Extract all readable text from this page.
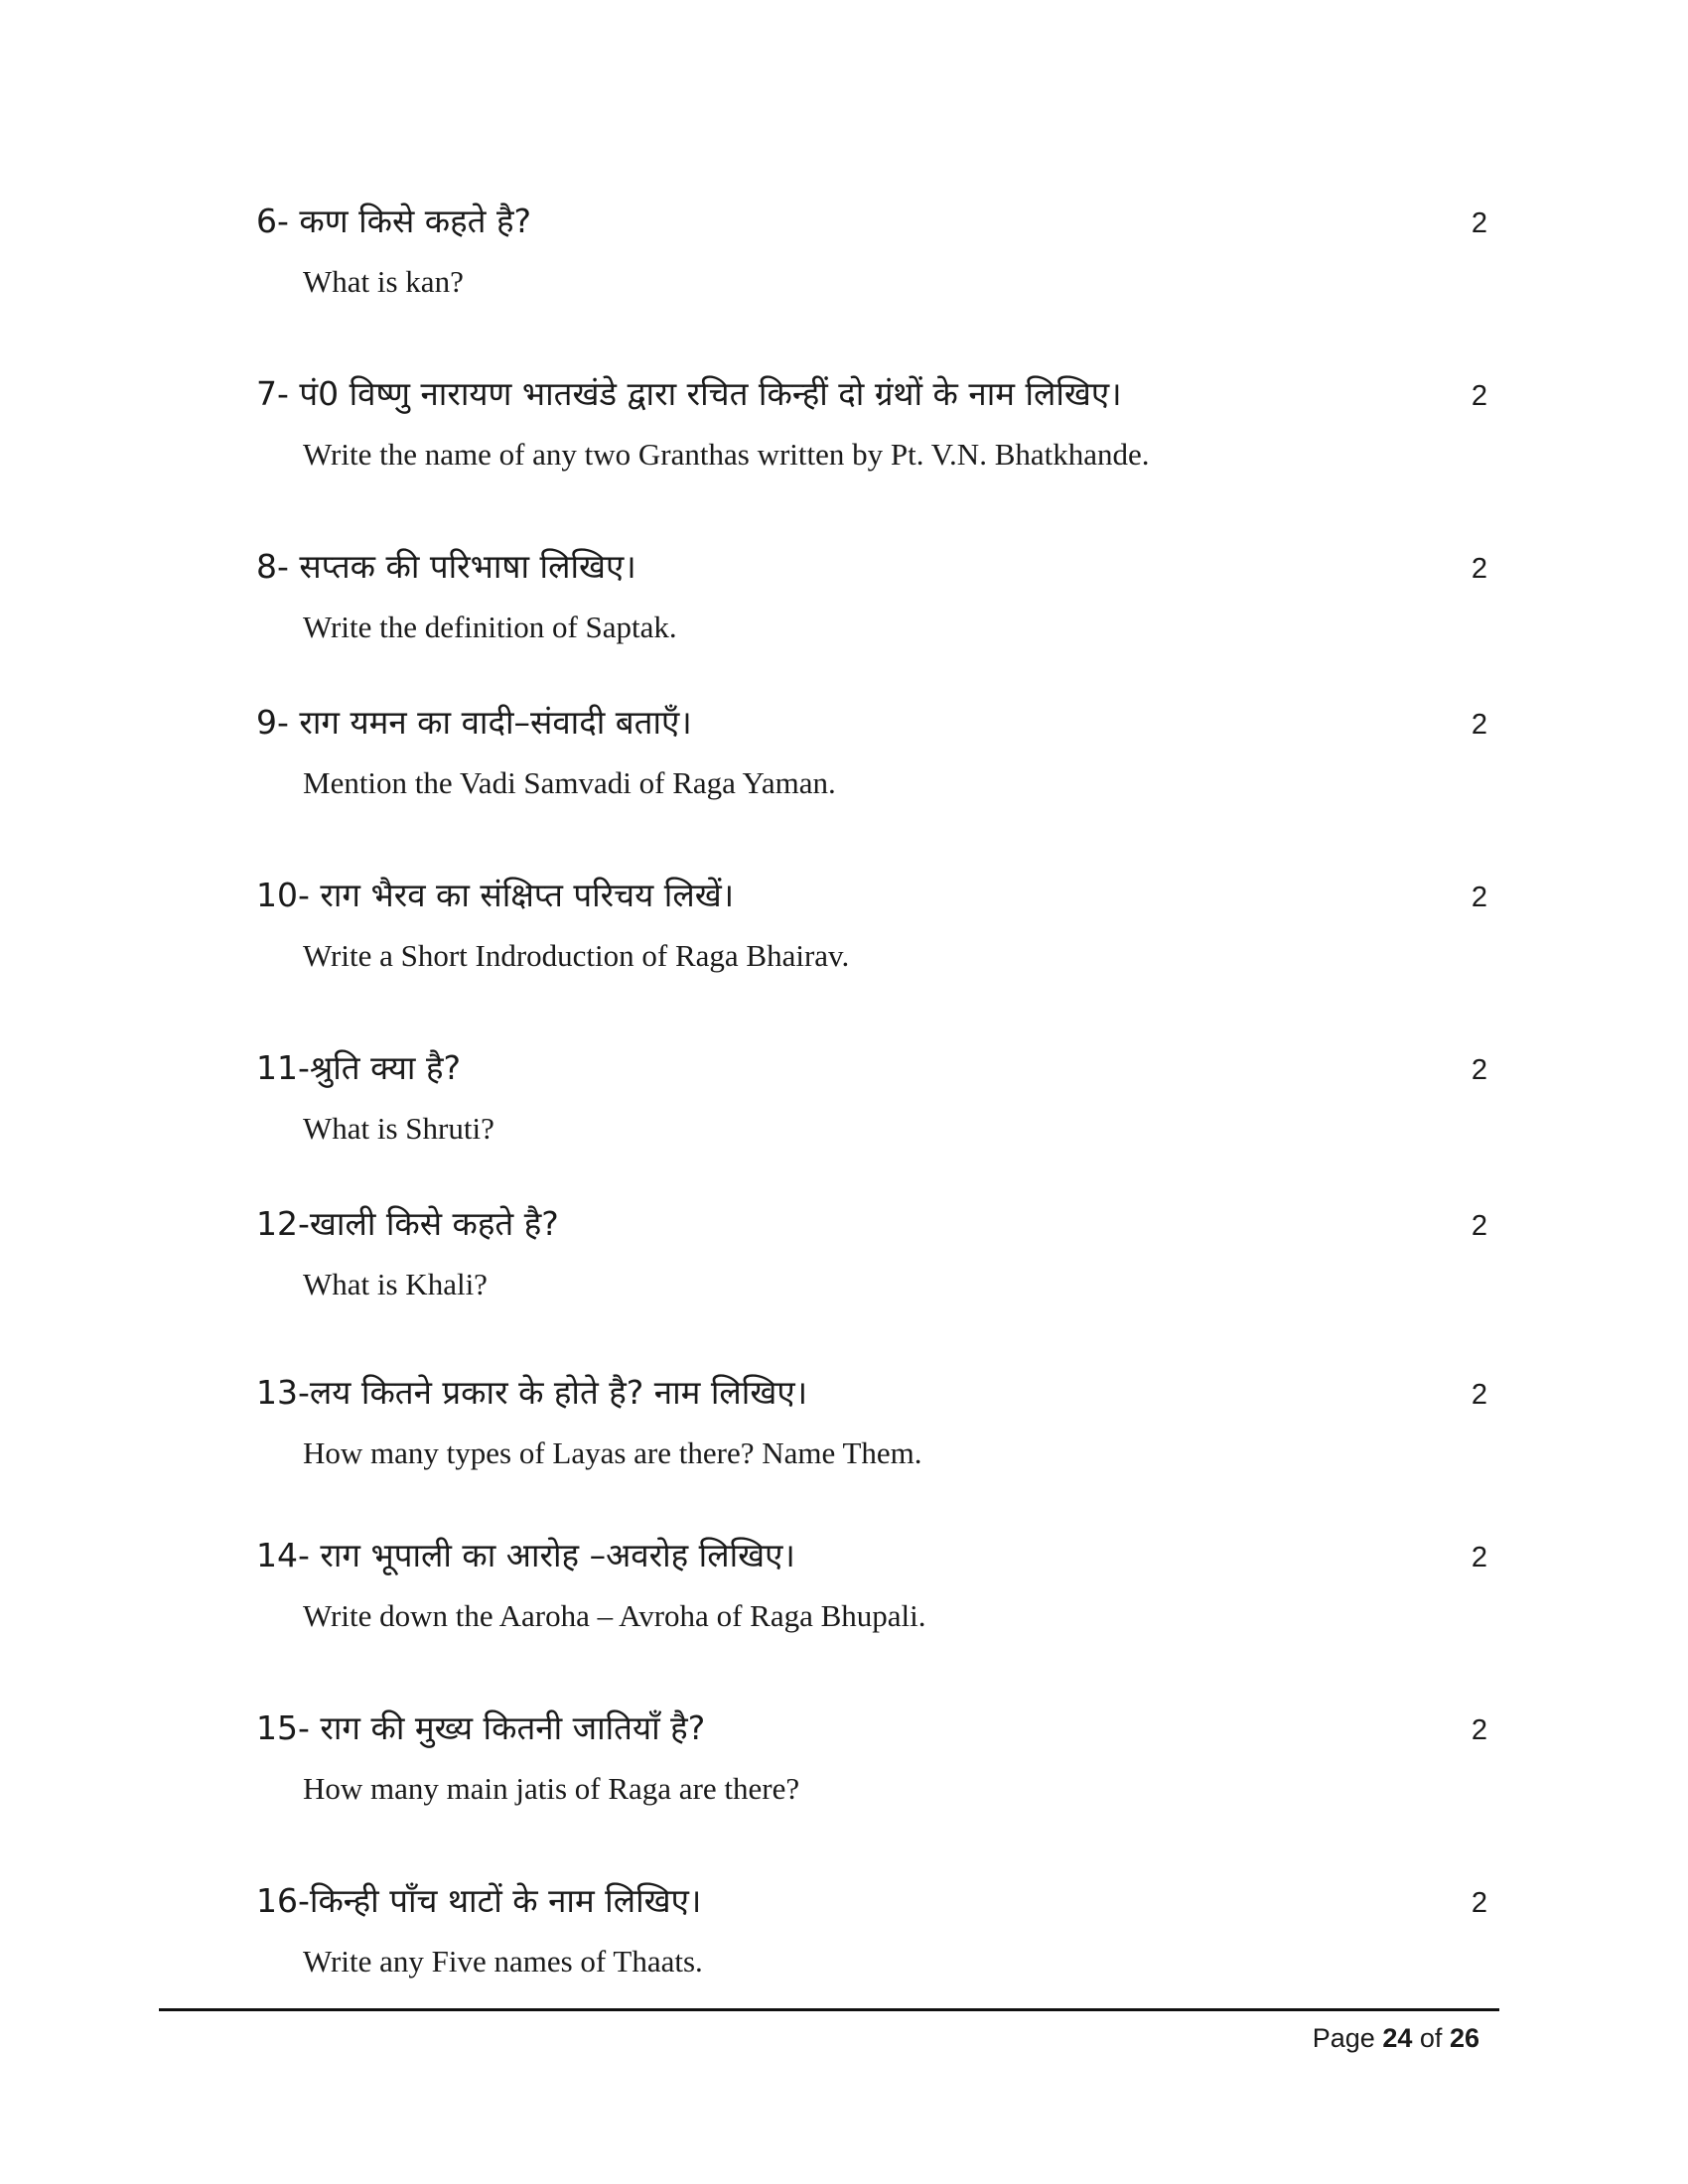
6- कण किसे कहते है?
What is kan?
2
7- पं0 विष्णु नारायण भातखंडे द्वारा रचित किन्हीं दो ग्रंथों के नाम लिखिए।
Write the name of any two Granthas written by Pt. V.N. Bhatkhande.
2
8- सप्तक की परिभाषा लिखिए।
Write the definition of Saptak.
2
9- राग यमन का वादी–संवादी बताएँ।
Mention the Vadi Samvadi of Raga Yaman.
2
10- राग भैरव का संक्षिप्त परिचय लिखें।
Write a Short Indroduction of Raga Bhairav.
2
11-श्रुति क्या है?
What is Shruti?
2
12-खाली किसे कहते है?
What is Khali?
2
13-लय कितने प्रकार के होते है? नाम लिखिए।
How many types of Layas are there? Name Them.
2
14- राग भूपाली का आरोह –अवरोह लिखिए।
Write down the Aaroha – Avroha of Raga Bhupali.
2
15- राग की मुख्य कितनी जातियाँ है?
How many main jatis of Raga are there?
2
16-किन्ही पाँच थाटों के नाम लिखिए।
Write any Five names of Thaats.
2
Page 24 of 26
